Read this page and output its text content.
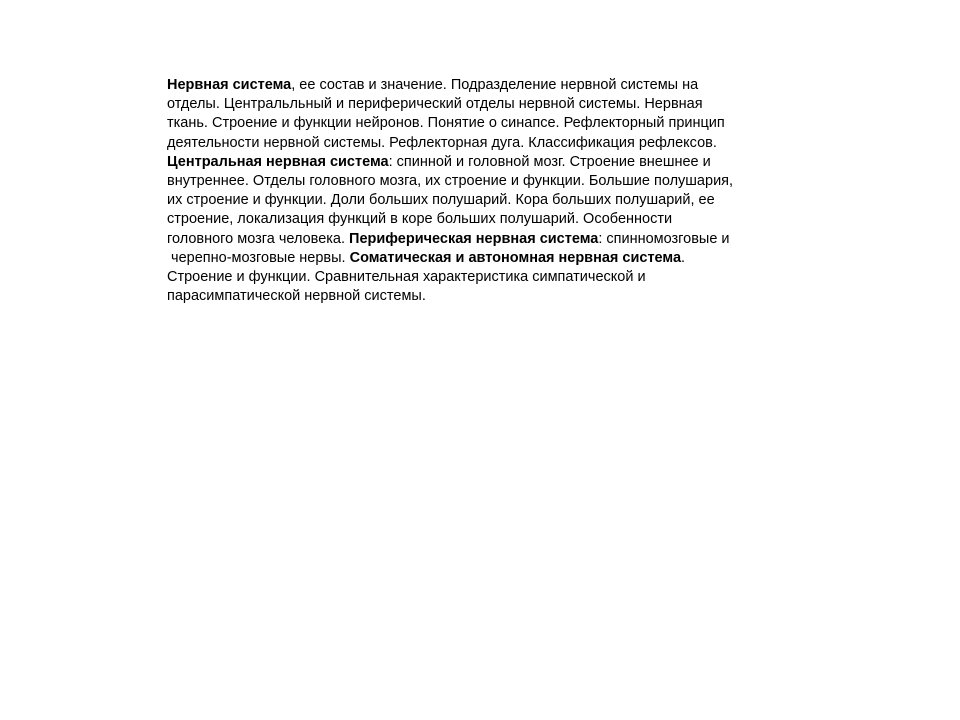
Нервная система, ее состав и значение. Подразделение нервной системы на
отделы. Центральльный и периферический отделы нервной системы. Нервная
ткань. Строение и функции нейронов. Понятие о синапсе. Рефлекторный принцип
деятельности нервной системы. Рефлекторная дуга. Классификация рефлексов.
Центральная нервная система: спинной и головной мозг. Строение внешнее и
внутреннее. Отделы головного мозга, их строение и функции. Большие полушария,
их строение и функции. Доли больших полушарий. Кора больших полушарий, ее
строение, локализация функций в коре больших полушарий. Особенности
головного мозга человека. Периферическая нервная система: спинномозговые и
черепно-мозговые нервы. Соматическая и автономная нервная система.
Строение и функции. Сравнительная характеристика симпатической и
парасимпатической нервной системы.
